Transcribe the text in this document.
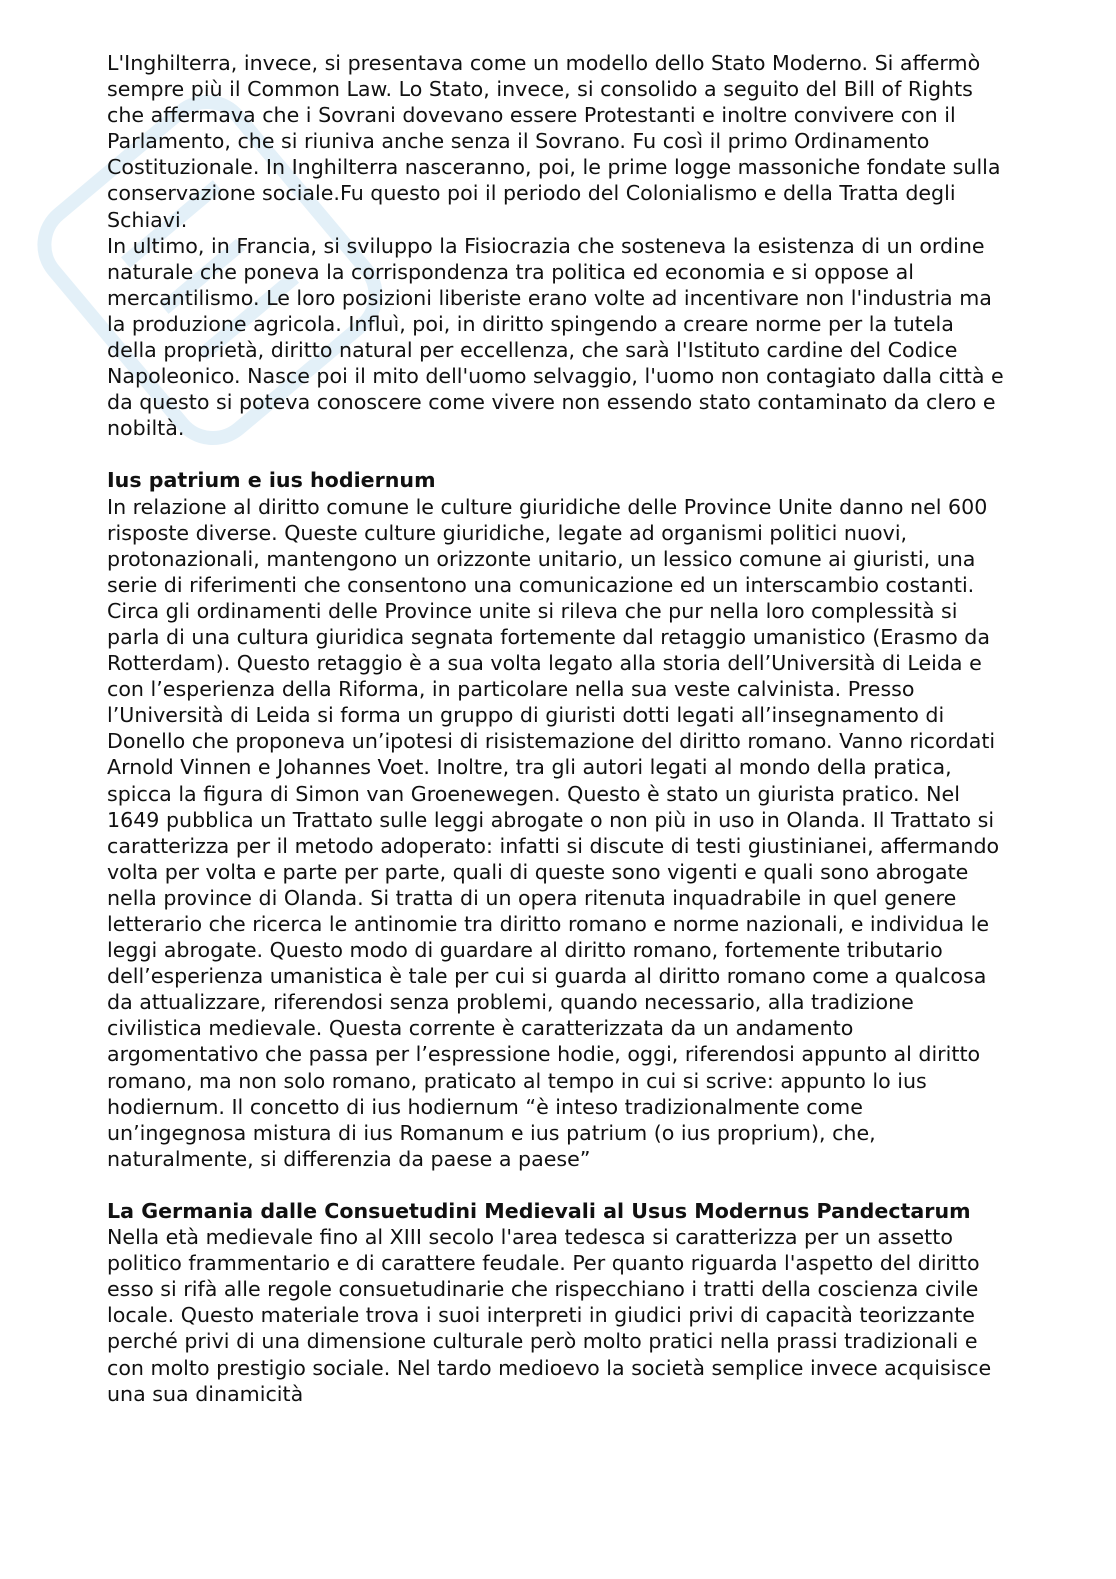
L'Inghilterra, invece, si presentava come un modello dello Stato Moderno. Si affermò sempre più il Common Law. Lo Stato, invece, si consolido a seguito del Bill of Rights che affermava che i Sovrani dovevano essere Protestanti e inoltre convivere con il Parlamento, che si riuniva anche senza il Sovrano. Fu così il primo Ordinamento Costituzionale. In Inghilterra nasceranno, poi, le prime logge massoniche fondate sulla conservazione sociale.Fu questo poi il periodo del Colonialismo e della Tratta degli Schiavi.

In ultimo, in Francia, si sviluppo la Fisiocrazia che sosteneva la esistenza di un ordine naturale che poneva la corrispondenza tra politica ed economia e si oppose al mercantilismo. Le loro posizioni liberiste erano volte ad incentivare non l'industria ma la produzione agricola. Influì, poi, in diritto spingendo a creare norme per la tutela della proprietà, diritto natural per eccellenza, che sarà l'Istituto cardine del Codice Napoleonico. Nasce poi il mito dell'uomo selvaggio, l'uomo non contagiato dalla città e da questo si poteva conoscere come vivere non essendo stato contaminato da clero e nobiltà.

Ius patrium e ius hodiernum

In relazione al diritto comune le culture giuridiche delle Province Unite danno nel 600 risposte diverse. Queste culture giuridiche, legate ad organismi politici nuovi, protonazionali, mantengono un orizzonte unitario, un lessico comune ai giuristi, una serie di riferimenti che consentono una comunicazione ed un interscambio costanti. Circa gli ordinamenti delle Province unite si rileva che pur nella loro complessità si parla di una cultura giuridica segnata fortemente dal retaggio umanistico (Erasmo da Rotterdam). Questo retaggio è a sua volta legato alla storia dell’Università di Leida e con l’esperienza della Riforma, in particolare nella sua veste calvinista. Presso l’Università di Leida si forma un gruppo di giuristi dotti legati all’insegnamento di Donello che proponeva un’ipotesi di risistemazione del diritto romano. Vanno ricordati Arnold Vinnen e Johannes Voet. Inoltre, tra gli autori legati al mondo della pratica, spicca la figura di Simon van Groenewegen. Questo è stato un giurista pratico. Nel 1649 pubblica un Trattato sulle leggi abrogate o non più in uso in Olanda. Il Trattato si caratterizza per il metodo adoperato: infatti si discute di testi giustinianei, affermando volta per volta e parte per parte, quali di queste sono vigenti e quali sono abrogate nella province di Olanda. Si tratta di un opera ritenuta inquadrabile in quel genere letterario che ricerca le antinomie tra diritto romano e norme nazionali, e individua le leggi abrogate. Questo modo di guardare al diritto romano, fortemente tributario dell’esperienza umanistica è tale per cui si guarda al diritto romano come a qualcosa da attualizzare, riferendosi senza problemi, quando necessario, alla tradizione civilistica medievale. Questa corrente è caratterizzata da un andamento argomentativo che passa per l’espressione hodie, oggi, riferendosi appunto al diritto romano, ma non solo romano, praticato al tempo in cui si scrive: appunto lo ius hodiernum. Il concetto di ius hodiernum “è inteso tradizionalmente come un’ingegnosa mistura di ius Romanum e ius patrium (o ius proprium), che, naturalmente, si differenzia da paese a paese”

La Germania dalle Consuetudini Medievali al Usus Modernus Pandectarum

Nella età medievale fino al XIII secolo l'area tedesca si caratterizza per un assetto politico frammentario e di carattere feudale. Per quanto riguarda l'aspetto del diritto esso si rifà alle regole consuetudinarie che rispecchiano i tratti della coscienza civile locale. Questo materiale trova i suoi interpreti in giudici privi di capacità teorizzante perché privi di una dimensione culturale però molto pratici nella prassi tradizionali e con molto prestigio sociale. Nel tardo medioevo la società semplice invece acquisisce una sua dinamicità
